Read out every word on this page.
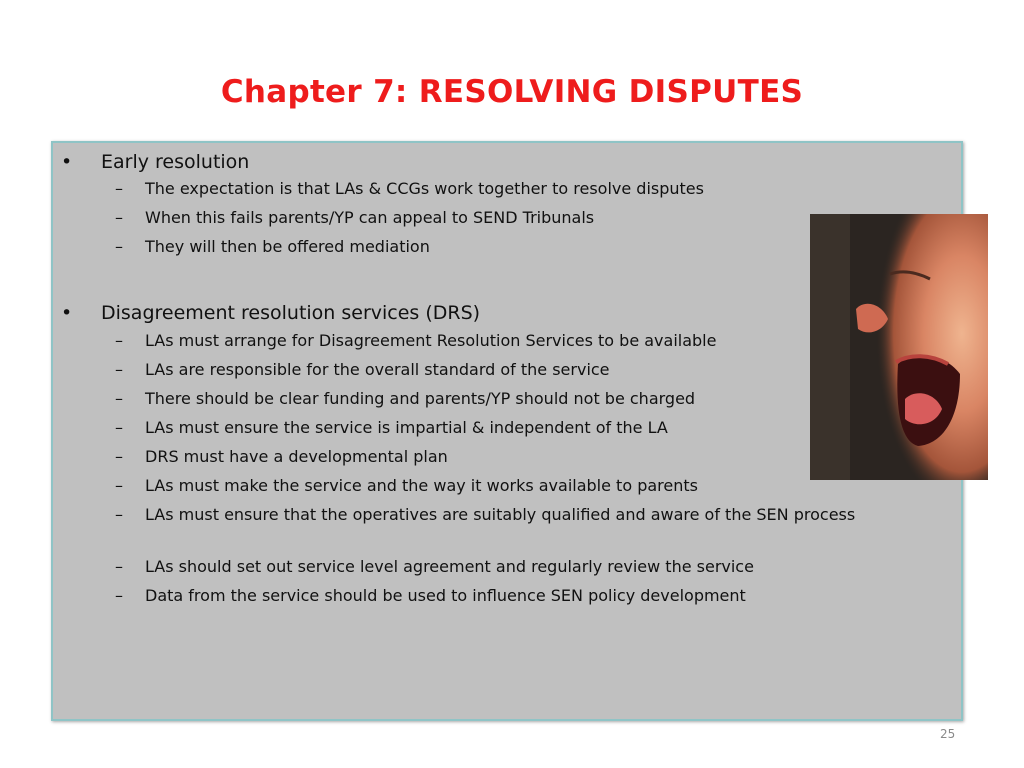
Chapter 7: RESOLVING DISPUTES
• Early resolution
–	The expectation is that LAs & CCGs work together to resolve disputes
–	When this fails parents/YP can appeal to SEND Tribunals
–	They will then be offered mediation
• Disagreement resolution services (DRS)
–	LAs must arrange for Disagreement Resolution Services to be available
–	LAs are responsible for the overall standard of the service
–	There should be clear funding and parents/YP should not be charged
–	LAs must ensure the service is impartial & independent of the LA
–	DRS must have a developmental plan
–	LAs must make the service and the way it works available to parents
–	LAs must ensure that the operatives are suitably qualified and aware of the SEN process
–	LAs should set out service level agreement and regularly review the service
–	Data from the service should be used to influence SEN policy development
25
